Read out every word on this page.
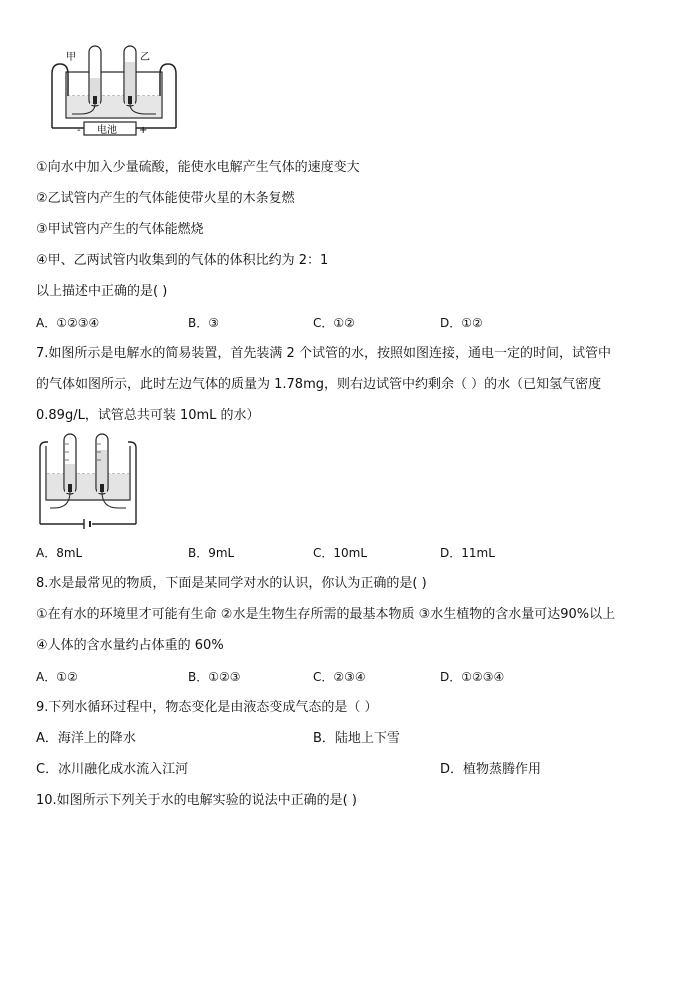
甲	乙
电池
-	+
①向水中加入少量硫酸，能使水电解产生气体的速度变大
②乙试管内产生的气体能使带火星的木条复燃
③甲试管内产生的气体能燃烧
④甲、乙两试管内收集到的气体的体积比约为 2：1
以上描述中正确的是( )
A．①②③④	B．③	C．①②	D．①②
7.如图所示是电解水的简易装置，首先装满 2 个试管的水，按照如图连接，通电一定的时间，试管中
的气体如图所示，此时左边气体的质量为 1.78mg，则右边试管中约剩余（ ）的水（已知氢气密度
0.89g/L，试管总共可装 10mL 的水）
A．8mL	B．9mL	C．10mL	D．11mL
8.水是最常见的物质，下面是某同学对水的认识，你认为正确的是( )
①在有水的环境里才可能有生命 ②水是生物生存所需的最基本物质 ③水生植物的含水量可达90%以上
④人体的含水量约占体重的 60%
A．①②	B．①②③	C．②③④	D．①②③④
9.下列水循环过程中，物态变化是由液态变成气态的是（ ）
A．海洋上的降水	B．陆地上下雪
C．冰川融化成水流入江河	D．植物蒸腾作用
10.如图所示下列关于水的电解实验的说法中正确的是( )
